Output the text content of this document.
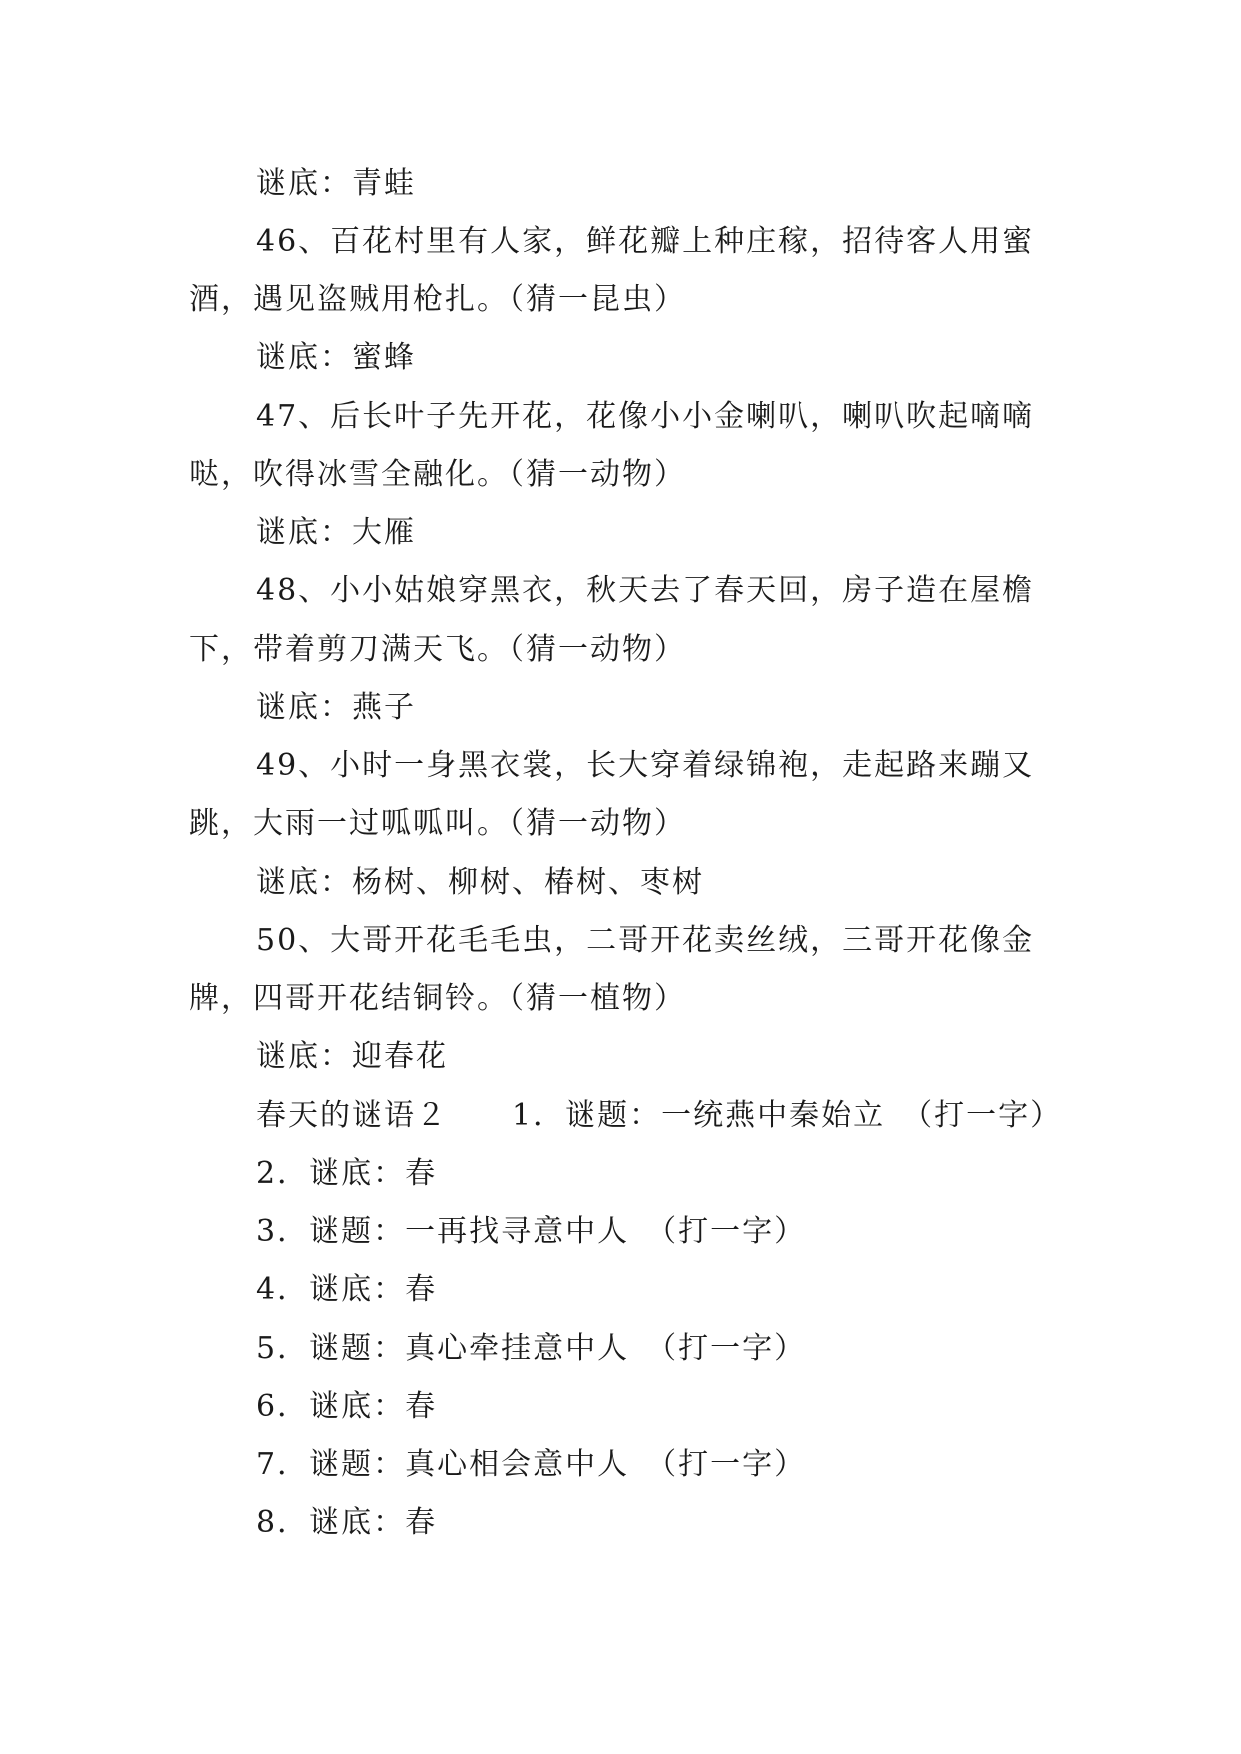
谜底：青蛙
46、百花村里有人家，鲜花瓣上种庄稼，招待客人用蜜
酒，遇见盗贼用枪扎。（猜一昆虫）
谜底：蜜蜂
47、后长叶子先开花，花像小小金喇叭，喇叭吹起嘀嘀
哒，吹得冰雪全融化。（猜一动物）
谜底：大雁
48、小小姑娘穿黑衣，秋天去了春天回，房子造在屋檐
下，带着剪刀满天飞。（猜一动物）
谜底：燕子
49、小时一身黑衣裳，长大穿着绿锦袍，走起路来蹦又
跳，大雨一过呱呱叫。（猜一动物）
谜底：杨树、柳树、椿树、枣树
50、大哥开花毛毛虫，二哥开花卖丝绒，三哥开花像金
牌，四哥开花结铜铃。（猜一植物）
谜底：迎春花
春天的谜语２　　1．谜题：一统燕中秦始立　（打一字）
2．谜底：春
3．谜题：一再找寻意中人　（打一字）
4．谜底：春
5．谜题：真心牵挂意中人　（打一字）
6．谜底：春
7．谜题：真心相会意中人　（打一字）
8．谜底：春
